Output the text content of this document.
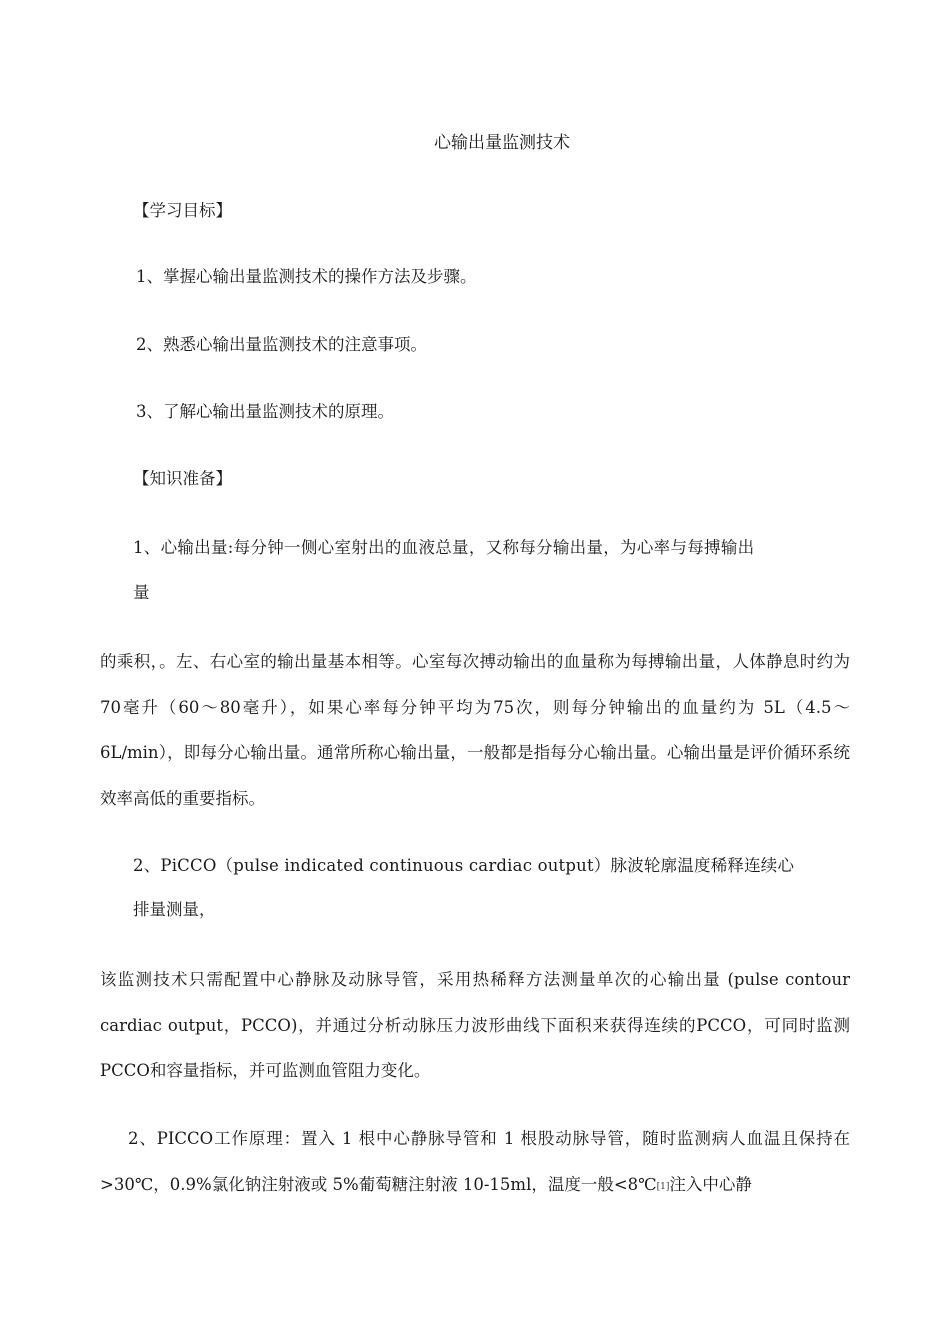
心输出量监测技术
【学习目标】
1、掌握心输出量监测技术的操作方法及步骤。
2、熟悉心输出量监测技术的注意事项。
3、了解心输出量监测技术的原理。
【知识准备】
1、心输出量:每分钟一侧心室射出的血液总量，又称每分输出量，为心率与每搏输出
量
的乘积，。左、右心室的输出量基本相等。心室每次搏动输出的血量称为每搏输出量，人体静息时约为70毫升（60～80毫升），如果心率每分钟平均为75次，则每分钟输出的血量约为 5L（4.5～6L/min），即每分心输出量。通常所称心输出量，一般都是指每分心输出量。心输出量是评价循环系统效率高低的重要指标。
2、PiCCO（pulse indicated continuous cardiac output）脉波轮廓温度稀释连续心
排量测量，
该监测技术只需配置中心静脉及动脉导管，采用热稀释方法测量单次的心输出量 (pulse contour cardiac output，PCCO)，并通过分析动脉压力波形曲线下面积来获得连续的PCCO，可同时监测PCCO和容量指标，并可监测血管阻力变化。
2、PICCO工作原理：置入 1 根中心静脉导管和 1 根股动脉导管，随时监测病人血温且保持在>30℃，0.9%氯化钠注射液或 5%葡萄糖注射液 10-15ml，温度一般<8℃[1]注入中心静
